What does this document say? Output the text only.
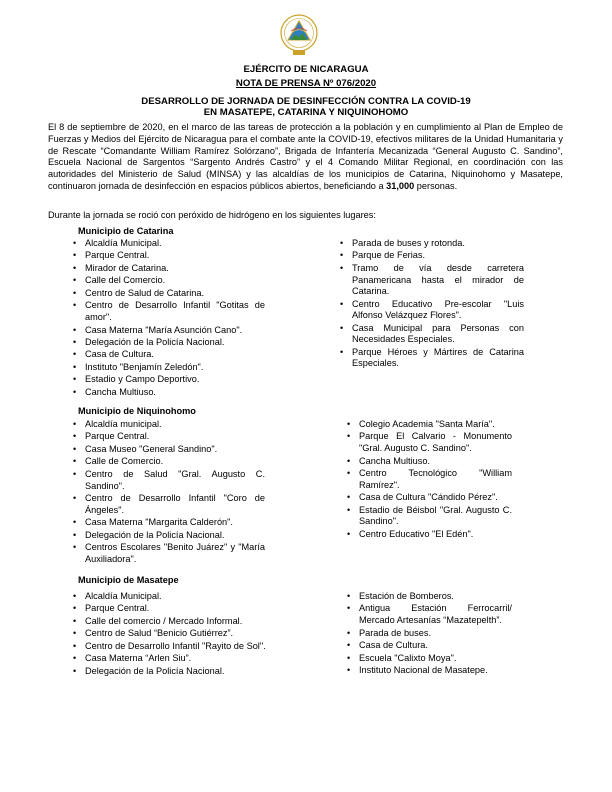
EJÉRCITO DE NICARAGUA
NOTA DE PRENSA Nº 076/2020
DESARROLLO DE JORNADA DE DESINFECCIÓN CONTRA LA COVID-19
EN MASATEPE, CATARINA Y NIQUINOHOMO
El 8 de septiembre de 2020, en el marco de las tareas de protección a la población y en cumplimiento al Plan de Empleo de Fuerzas y Medios del Ejército de Nicaragua para el combate ante la COVID-19, efectivos militares de la Unidad Humanitaria y de Rescate “Comandante William Ramírez Solórzano”, Brigada de Infantería Mecanizada “General Augusto C. Sandino”, Escuela Nacional de Sargentos “Sargento Andrés Castro” y el 4 Comando Militar Regional, en coordinación con las autoridades del Ministerio de Salud (MINSA) y las alcaldías de los municipios de Catarina, Niquinohomo y Masatepe, continuaron jornada de desinfección en espacios públicos abiertos, beneficiando a 31,000 personas.
Durante la jornada se roció con peróxido de hidrógeno en los siguientes lugares:
Municipio de Catarina
• Alcaldía Municipal.
• Parque Central.
• Mirador de Catarina.
• Calle del Comercio.
• Centro de Salud de Catarina.
• Centro de Desarrollo Infantil "Gotitas de amor".
• Casa Materna "María Asunción Cano".
• Delegación de la Policía Nacional.
• Casa de Cultura.
• Instituto "Benjamín Zeledón".
• Estadio y Campo Deportivo.
• Cancha Multiuso.
• Parada de buses y rotonda.
• Parque de Ferias.
• Tramo de vía desde carretera Panamericana hasta el mirador de Catarina.
• Centro Educativo Pre-escolar "Luis Alfonso Velázquez Flores".
• Casa Municipal para Personas con Necesidades Especiales.
• Parque Héroes y Mártires de Catarina Especiales.
Municipio de Niquinohomo
• Alcaldía municipal.
• Parque Central.
• Casa Museo "General Sandino".
• Calle de Comercio.
• Centro de Salud "Gral. Augusto C. Sandino".
• Centro de Desarrollo Infantil "Coro de Ángeles".
• Casa Materna "Margarita Calderón".
• Delegación de la Policía Nacional.
• Centros Escolares "Benito Juárez" y "María Auxiliadora".
• Colegio Academia "Santa María".
• Parque El Calvario - Monumento "Gral. Augusto C. Sandino".
• Cancha Multiuso.
• Centro Tecnológico "William Ramírez".
• Casa de Cultura "Cándido Pérez".
• Estadio de Béisbol "Gral. Augusto C. Sandino".
• Centro Educativo "El Edén".
Municipio de Masatepe
• Alcaldía Municipal.
• Parque Central.
• Calle del comercio / Mercado Informal.
• Centro de Salud “Benicio Gutiérrez”.
• Centro de Desarrollo Infantil "Rayito de Sol".
• Casa Materna “Arlen Siu”.
• Delegación de la Policía Nacional.
• Estación de Bomberos.
• Antigua Estación Ferrocarril/ Mercado Artesanías “Mazatepelth”.
• Parada de buses.
• Casa de Cultura.
• Escuela "Calixto Moya".
• Instituto Nacional de Masatepe.
